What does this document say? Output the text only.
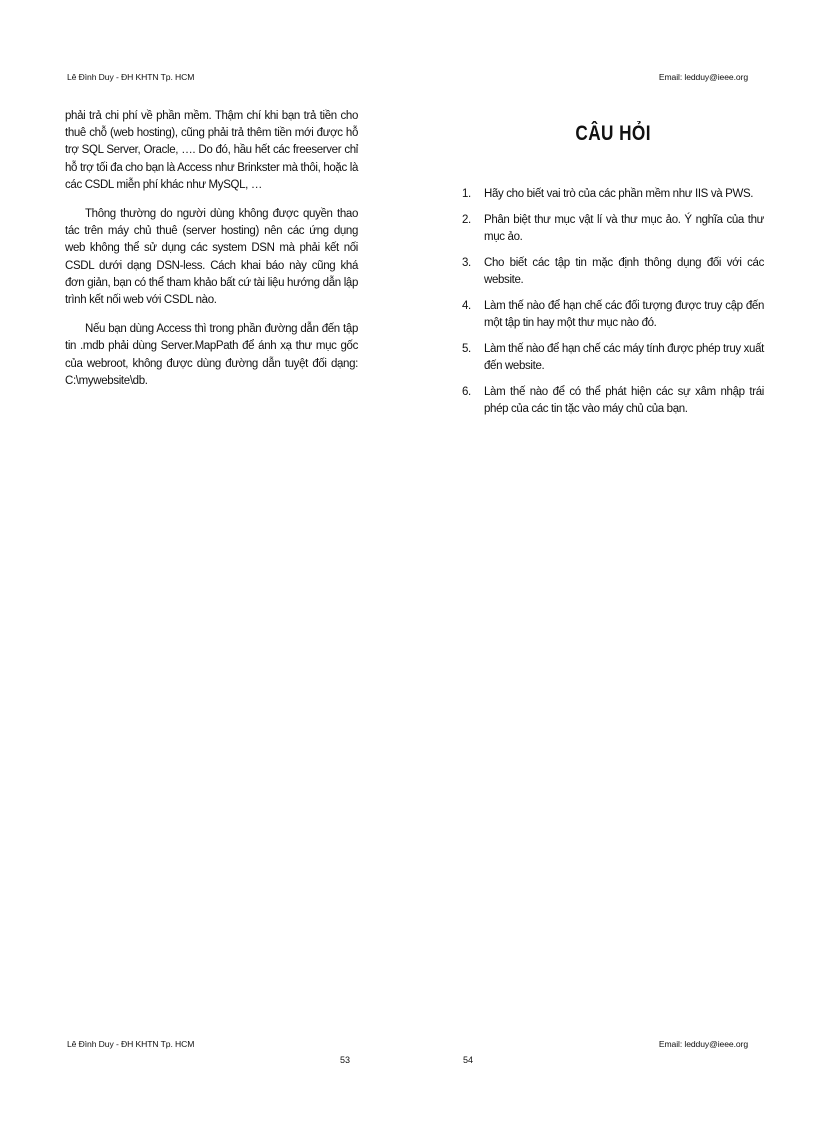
Lê Đình Duy - ĐH KHTN Tp. HCM	Email: ledduy@ieee.org

phải trả chi phí về phần mềm. Thậm chí khi bạn trả tiền cho thuê chỗ (web hosting), cũng phải trả thêm tiền mới được hỗ trợ SQL Server, Oracle, …. Do đó, hầu hết các freeserver chỉ hỗ trợ tối đa cho bạn là Access như Brinkster mà thôi, hoặc là các CSDL miễn phí khác như MySQL, …

Thông thường do người dùng không được quyền thao tác trên máy chủ thuê (server hosting) nên các ứng dụng web không thể sử dụng các system DSN mà phải kết nối CSDL dưới dạng DSN-less. Cách khai báo này cũng khá đơn giản, bạn có thể tham khảo bất cứ tài liệu hướng dẫn lập trình kết nối web với CSDL nào.

Nếu bạn dùng Access thì trong phần đường dẫn đến tập tin .mdb phải dùng Server.MapPath để ánh xạ thư mục gốc của webroot, không được dùng đường dẫn tuyệt đối dạng: C:\mywebsite\db.

CÂU HỎI
1.	Hãy cho biết vai trò của các phần mềm như IIS và PWS.
2.	Phân biệt thư mục vật lí và thư mục ảo. Ý nghĩa của thư mục ảo.
3.	Cho biết các tập tin mặc định thông dụng đối với các website.
4.	Làm thế nào để hạn chế các đối tượng được truy cập đến một tập tin hay một thư mục nào đó.
5.	Làm thế nào để hạn chế các máy tính được phép truy xuất đến website.
6.	Làm thế nào để có thể phát hiện các sự xâm nhập trái phép của các tin tặc vào máy chủ của bạn.
Lê Đình Duy - ĐH KHTN Tp. HCM	Email: ledduy@ieee.org
53	54
